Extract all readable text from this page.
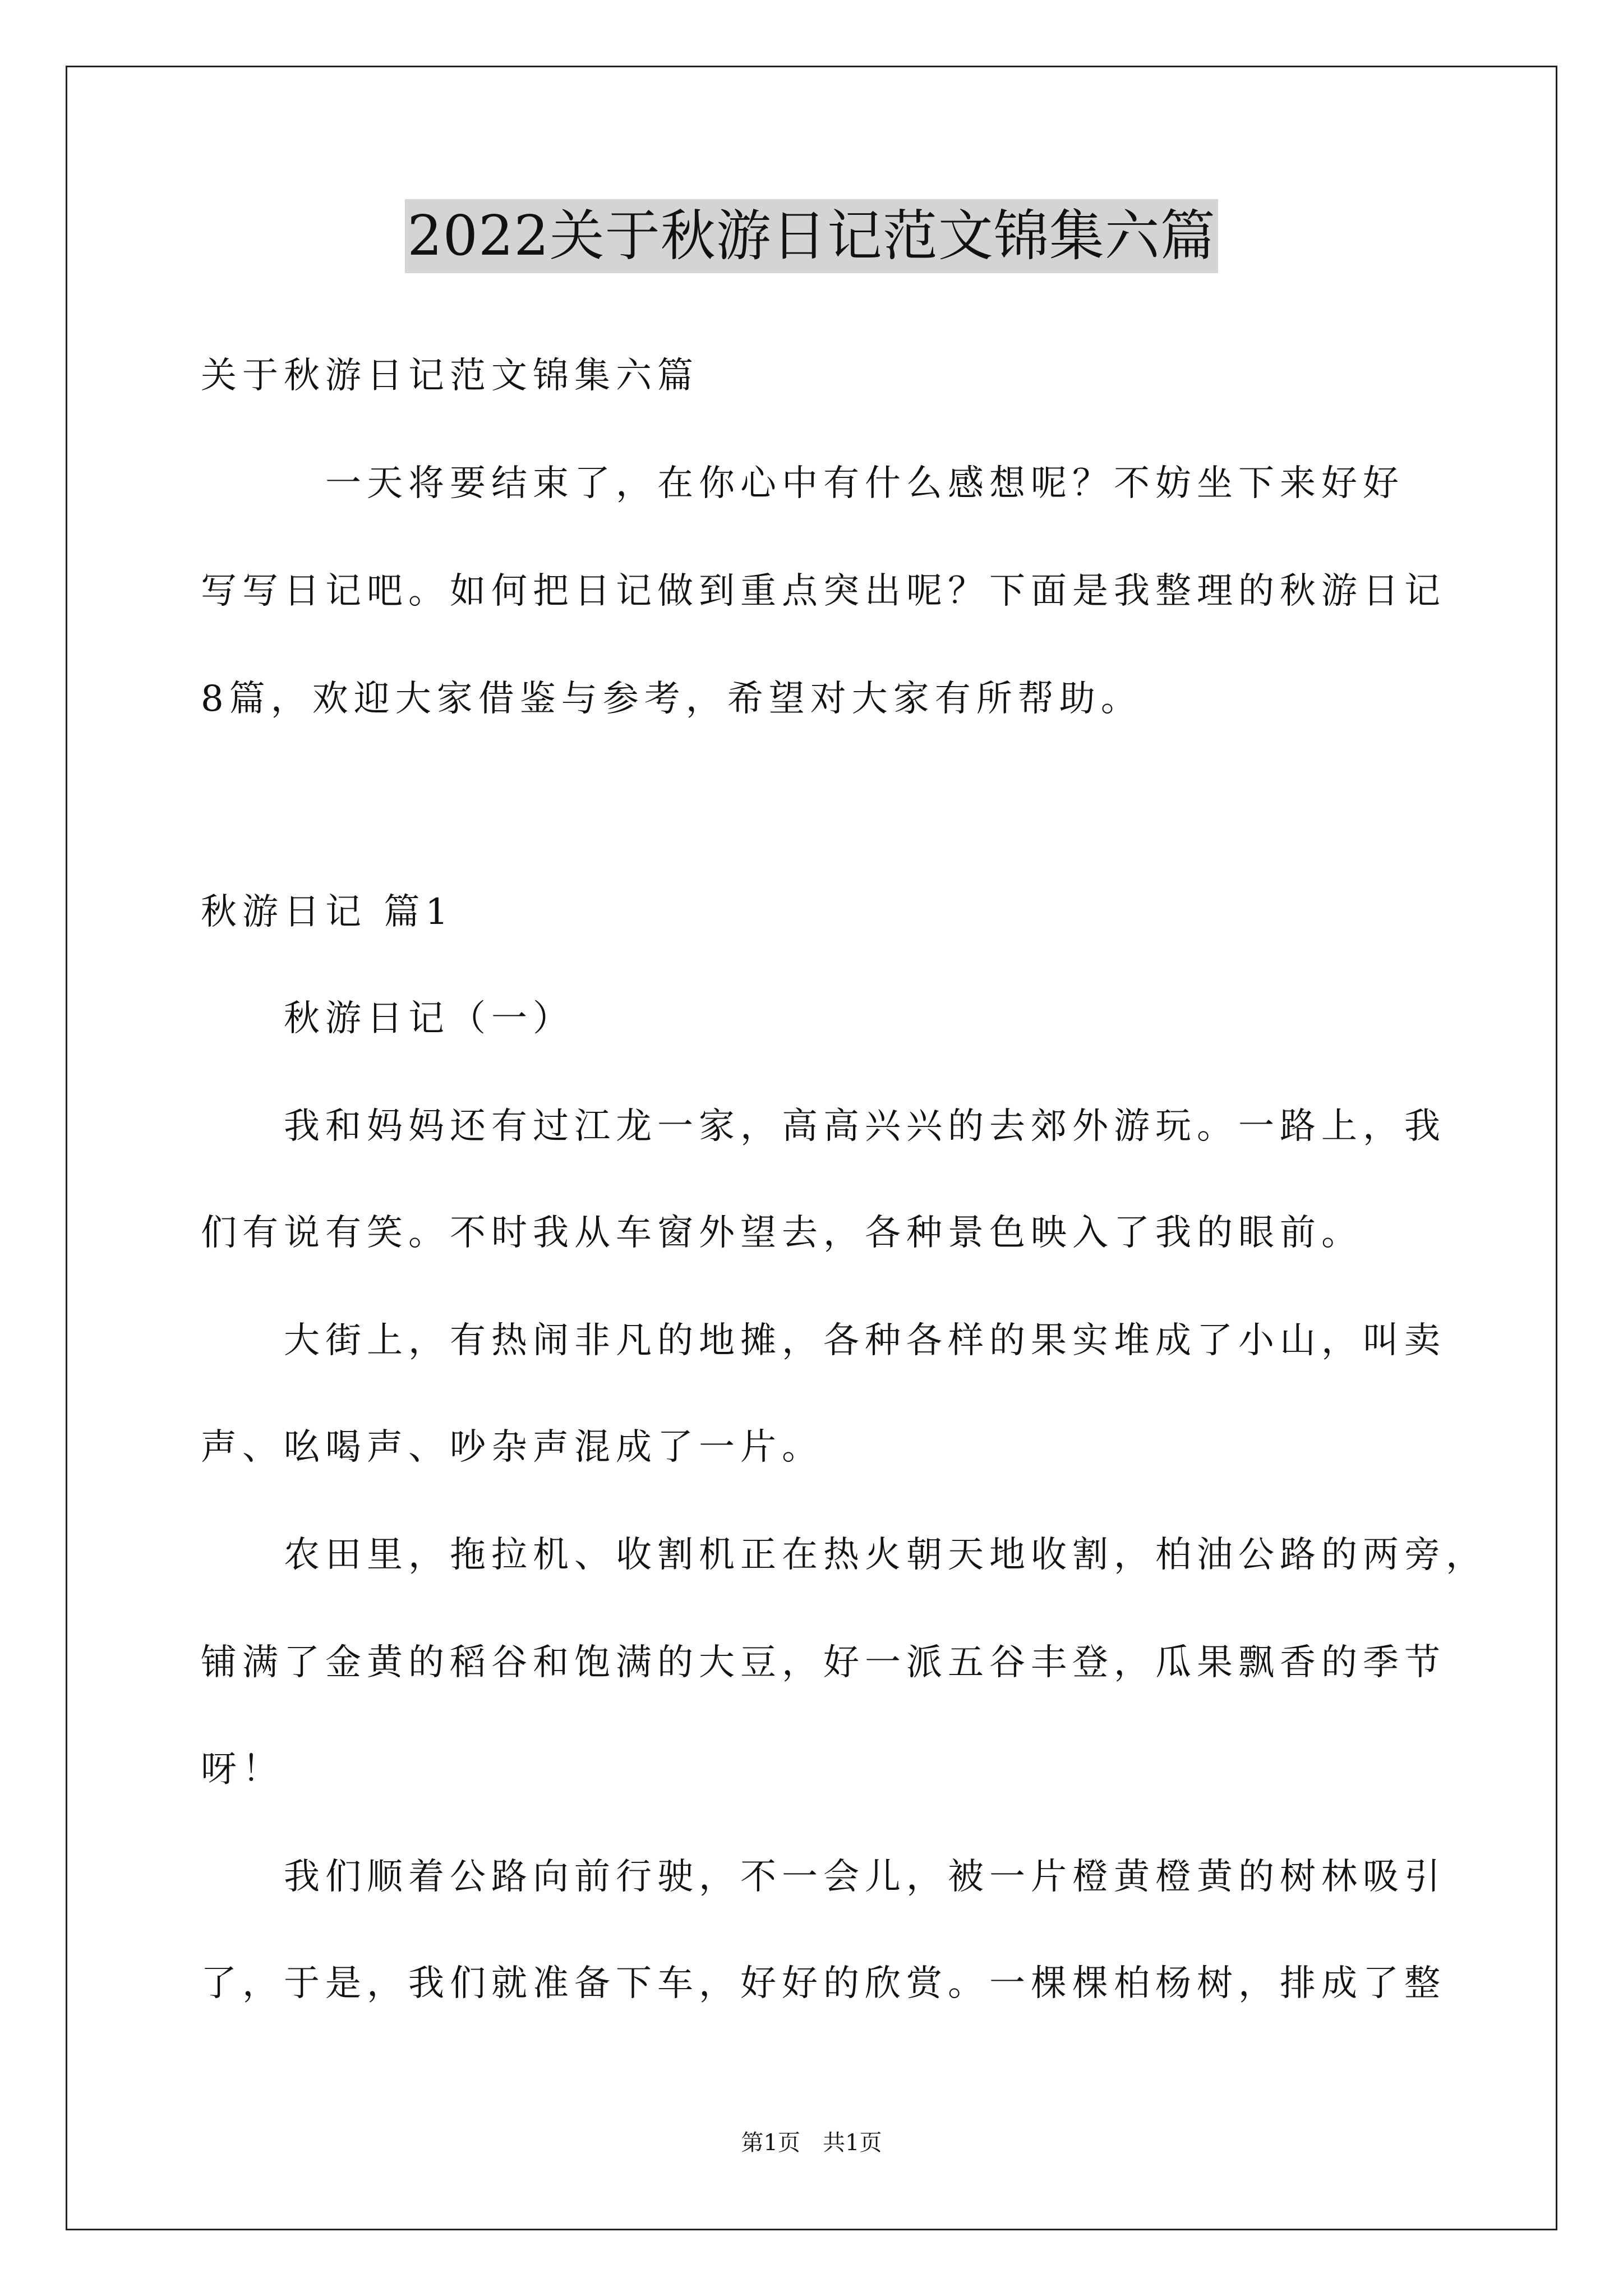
2022关于秋游日记范文锦集六篇
关于秋游日记范文锦集六篇
　　　一天将要结束了，在你心中有什么感想呢？不妨坐下来好好
写写日记吧。如何把日记做到重点突出呢？下面是我整理的秋游日记
8篇，欢迎大家借鉴与参考，希望对大家有所帮助。
秋游日记 篇1
　　秋游日记（一）
　　我和妈妈还有过江龙一家，高高兴兴的去郊外游玩。一路上，我
们有说有笑。不时我从车窗外望去，各种景色映入了我的眼前。
　　大街上，有热闹非凡的地摊，各种各样的果实堆成了小山，叫卖
声、吆喝声、吵杂声混成了一片。
　　农田里，拖拉机、收割机正在热火朝天地收割，柏油公路的两旁，
铺满了金黄的稻谷和饱满的大豆，好一派五谷丰登，瓜果飘香的季节
呀！
　　我们顺着公路向前行驶，不一会儿，被一片橙黄橙黄的树林吸引
了，于是，我们就准备下车，好好的欣赏。一棵棵柏杨树，排成了整
第1页　共1页
